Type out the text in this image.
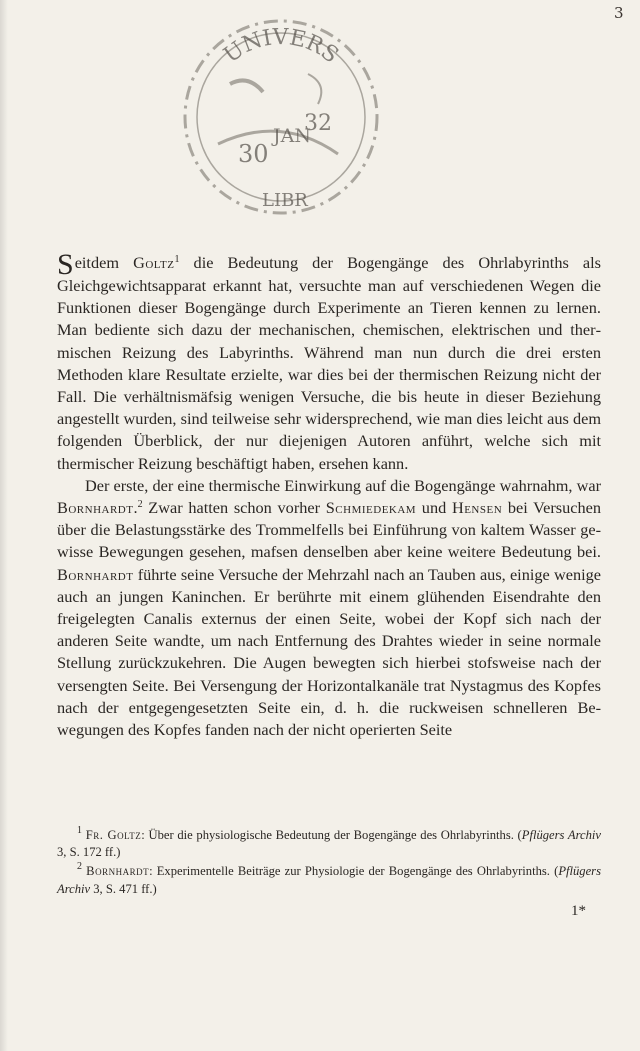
3
UNIVERS
30
JAN
32
LIBR

Seitdem Goltz$^1$ die Bedeutung der Bogengänge des Ohrlabyrinths als Gleichgewichtsapparat erkannt hat, versuchte man auf verschiedenen Wegen die Funktionen dieser Bogengänge durch Experimente an Tieren kennen zu lernen. Man bediente sich dazu der mechanischen, chemischen, elektrischen und thermischen Reizung des Labyrinths. Während man nun durch die drei ersten Methoden klare Resultate erzielte, war dies bei der thermischen Reizung nicht der Fall. Die verhältnismäfsig wenigen Versuche, die bis heute in dieser Beziehung angestellt wurden, sind teilweise sehr widersprechend, wie man dies leicht aus dem folgenden Überblick, der nur diejenigen Autoren anführt, welche sich mit thermischer Reizung beschäftigt haben, ersehen kann.

Der erste, der eine thermische Einwirkung auf die Bogengänge wahrnahm, war Bornhardt.$^2$ Zwar hatten schon vorher Schmiedekam und Hensen bei Versuchen über die Belastungsstärke des Trommelfells bei Einführung von kaltem Wasser gewisse Bewegungen gesehen, mafsen denselben aber keine weitere Bedeutung bei. Bornhardt führte seine Versuche der Mehrzahl nach an Tauben aus, einige wenige auch an jungen Kaninchen. Er berührte mit einem glühenden Eisendrahte den freigelegten Canalis externus der einen Seite, wobei der Kopf sich nach der anderen Seite wandte, um nach Entfernung des Drahtes wieder in seine normale Stellung zurückzukehren. Die Augen bewegten sich hierbei stofsweise nach der versengten Seite. Bei Versengung der Horizontalkanäle trat Nystagmus des Kopfes nach der entgegengesetzten Seite ein, d. h. die ruckweisen schnelleren Bewegungen des Kopfes fanden nach der nicht operierten Seite

$^1$ Fr. Goltz: Über die physiologische Bedeutung der Bogengänge des Ohrlabyrinths. (Pflügers Archiv 3, S. 172 ff.)

$^2$ Bornhardt: Experimentelle Beiträge zur Physiologie der Bogengänge des Ohrlabyrinths. (Pflügers Archiv 3, S. 471 ff.)

1*
